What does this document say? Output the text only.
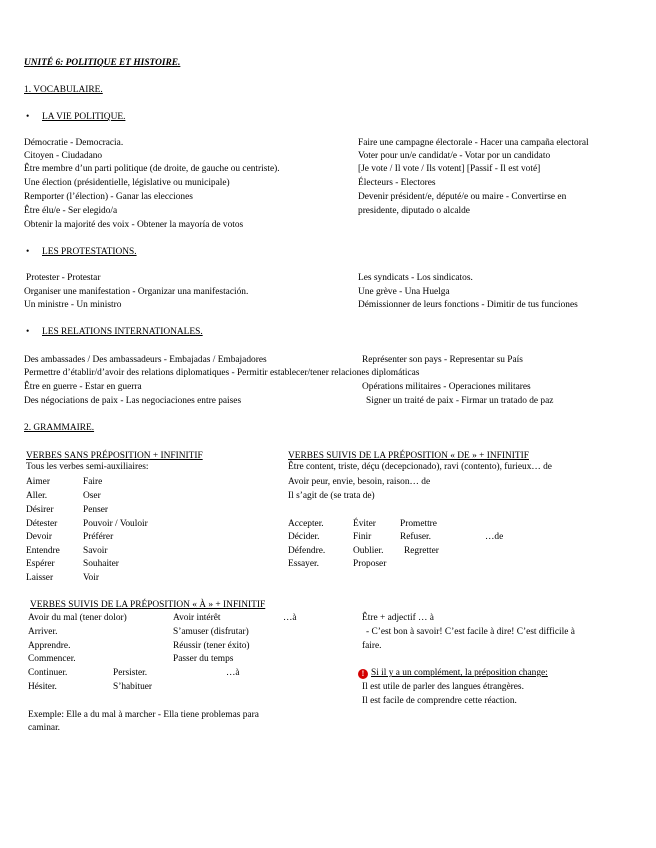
UNITÉ 6: POLITIQUE ET HISTOIRE.
1. VOCABULAIRE.
• LA VIE POLITIQUE.
Démocratie - Democracia.
Citoyen - Ciudadano
Être membre d’un parti politique (de droite, de gauche ou centriste).
Une élection (présidentielle, législative ou municipale)
Remporter (l’élection) - Ganar las elecciones
Être élu/e - Ser elegido/a
Obtenir la majorité des voix - Obtener la mayoría de votos
Faire une campagne électorale - Hacer una campaña electoral
Voter pour un/e candidat/e - Votar por un candidato
[Je vote / Il vote / Ils votent] [Passif - Il est voté]
Électeurs - Electores
Devenir président/e, député/e ou maire - Convertirse en
presidente, diputado o alcalde
• LES PROTESTATIONS.
Protester - Protestar
Organiser une manifestation - Organizar una manifestación.
Un ministre - Un ministro
Les syndicats - Los sindicatos.
Une grève - Una Huelga
Démissionner de leurs fonctions - Dimitir de tus funciones
• LES RELATIONS INTERNATIONALES.
Des ambassades / Des ambassadeurs - Embajadas / Embajadores
Permettre d’établir/d’avoir des relations diplomatiques - Permitir establecer/tener relaciones diplomáticas
Être en guerre - Estar en guerra
Des négociations de paix - Las negociaciones entre paises
Représenter son pays - Representar su País
Opérations militaires - Operaciones militares
Signer un traité de paix - Firmar un tratado de paz
2. GRAMMAIRE.
VERBES SANS PRÉPOSITION + INFINITIF
Tous les verbes semi-auxiliaires:
Aimer
Aller.
Désirer
Détester
Devoir
Entendre
Espérer
Laisser
Faire
Oser
Penser
Pouvoir / Vouloir
Préférer
Savoir
Souhaiter
Voir
VERBES SUIVIS DE LA PRÉPOSITION « DE » + INFINITIF
Être content, triste, déçu (decepcionado), ravi (contento), furieux… de
Avoir peur, envie, besoin, raison… de
Il s’agit de (se trata de)
Accepter.
Décider.
Défendre.
Essayer.
Éviter
Finir
Oublier.
Proposer
Promettre
Refuser.
Regretter
…de
VERBES SUIVIS DE LA PRÉPOSITION « À » + INFINITIF
Avoir du mal (tener dolor)
Arriver.
Apprendre.
Commencer.
Continuer.
Hésiter.
Avoir intérêt
S’amuser (disfrutar)
Réussir (tener éxito)
Passer du temps
Persister.
S’habituer
…à
…à
Exemple: Elle a du mal à marcher - Ella tiene problemas para
caminar.
Être + adjectif … à
- C’est bon à savoir! C’est facile à dire! C’est difficile à
faire.
! Si il y a un complément, la préposition change:
Il est utile de parler des langues étrangères.
Il est facile de comprendre cette réaction.
